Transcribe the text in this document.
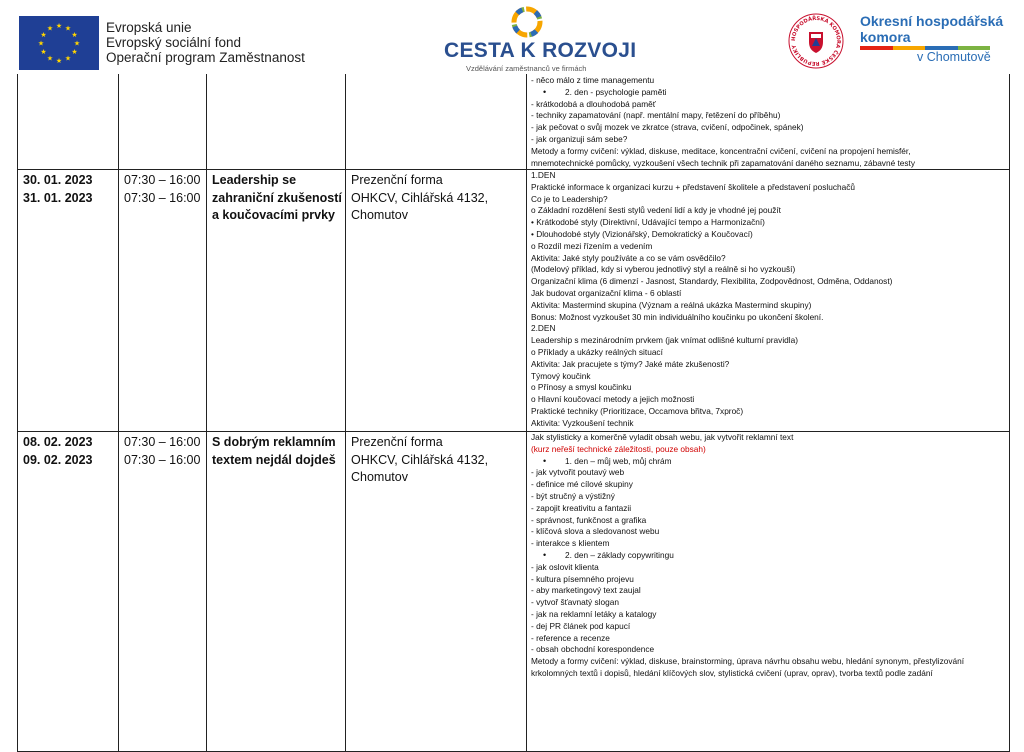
★ ★
★
★
★
★
★
★
★
★
★
★	Evropská unie
Evropský sociální fond
Operační program Zaměstnanost	CESTA K ROZVOJI
Vzdělávání zaměstnanců ve firmách
HOSPODÁŘSKÁ KOMORA ČESKÉ REPUBLIKY
Okresní hospodářská
komora
v Chomutově
- něco málo z time managementu
• 2. den - psychologie paměti
- krátkodobá a dlouhodobá paměť
- techniky zapamatování (např. mentální mapy, řetězení do příběhu)
- jak pečovat o svůj mozek ve zkratce (strava, cvičení, odpočinek, spánek)
- jak organizuji sám sebe?
Metody a formy cvičení: výklad, diskuse, meditace, koncentrační cvičení, cvičení na propojení hemisfér,
mnemotechnické pomůcky, vyzkoušení všech technik při zapamatování daného seznamu, zábavné testy
30. 01. 2023
31. 01. 2023
07:30 – 16:00
07:30 – 16:00
Leadership se
zahraniční zkušeností
a koučovacími prvky
Prezenční forma
OHKCV, Cihlářská 4132,
Chomutov
1.DEN
Praktické informace k organizaci kurzu + představení školitele a představení posluchačů
Co je to Leadership?
o Základní rozdělení šesti stylů vedení lidí a kdy je vhodné jej použít
• Krátkodobé styly (Direktivní, Udávající tempo a Harmonizační)
• Dlouhodobé styly (Vizionářský, Demokratický a Koučovací)
o Rozdíl mezi řízením a vedením
Aktivita: Jaké styly používáte a co se vám osvědčilo?
(Modelový příklad, kdy si vyberou jednotlivý styl a reálně si ho vyzkouší)
Organizační klima (6 dimenzí - Jasnost, Standardy, Flexibilita, Zodpovědnost, Odměna, Oddanost)
Jak budovat organizační klima - 6 oblastí
Aktivita: Mastermind skupina (Význam a reálná ukázka Mastermind skupiny)
Bonus: Možnost vyzkoušet 30 min individuálního koučinku po ukončení školení.
2.DEN
Leadership s mezinárodním prvkem (jak vnímat odlišné kulturní pravidla)
o Příklady a ukázky reálných situací
Aktivita: Jak pracujete s týmy? Jaké máte zkušenosti?
Týmový koučink
o Přínosy a smysl koučinku
o Hlavní koučovací metody a jejich možnosti
Praktické techniky (Prioritizace, Occamova břitva, 7xproč)
Aktivita: Vyzkoušení technik
08. 02. 2023
09. 02. 2023
07:30 – 16:00
07:30 – 16:00
S dobrým reklamním
textem nejdál dojdeš
Prezenční forma
OHKCV, Cihlářská 4132,
Chomutov
Jak stylisticky a komerčně vyladit obsah webu, jak vytvořit reklamní text
(kurz neřeší technické záležitosti, pouze obsah)
• 1. den – můj web, můj chrám
- jak vytvořit poutavý web
- definice mé cílové skupiny
- být stručný a výstižný
- zapojit kreativitu a fantazii
- správnost, funkčnost a grafika
- klíčová slova a sledovanost webu
- interakce s klientem
• 2. den – základy copywritingu
- jak oslovit klienta
- kultura písemného projevu
- aby marketingový text zaujal
- vytvoř šťavnatý slogan
- jak na reklamní letáky a katalogy
- dej PR článek pod kapucí
- reference a recenze
- obsah obchodní korespondence
Metody a formy cvičení: výklad, diskuse, brainstorming, úprava návrhu obsahu webu, hledání synonym, přestylizování
krkolomných textů i dopisů, hledání klíčových slov, stylistická cvičení (uprav, oprav), tvorba textů podle zadání
